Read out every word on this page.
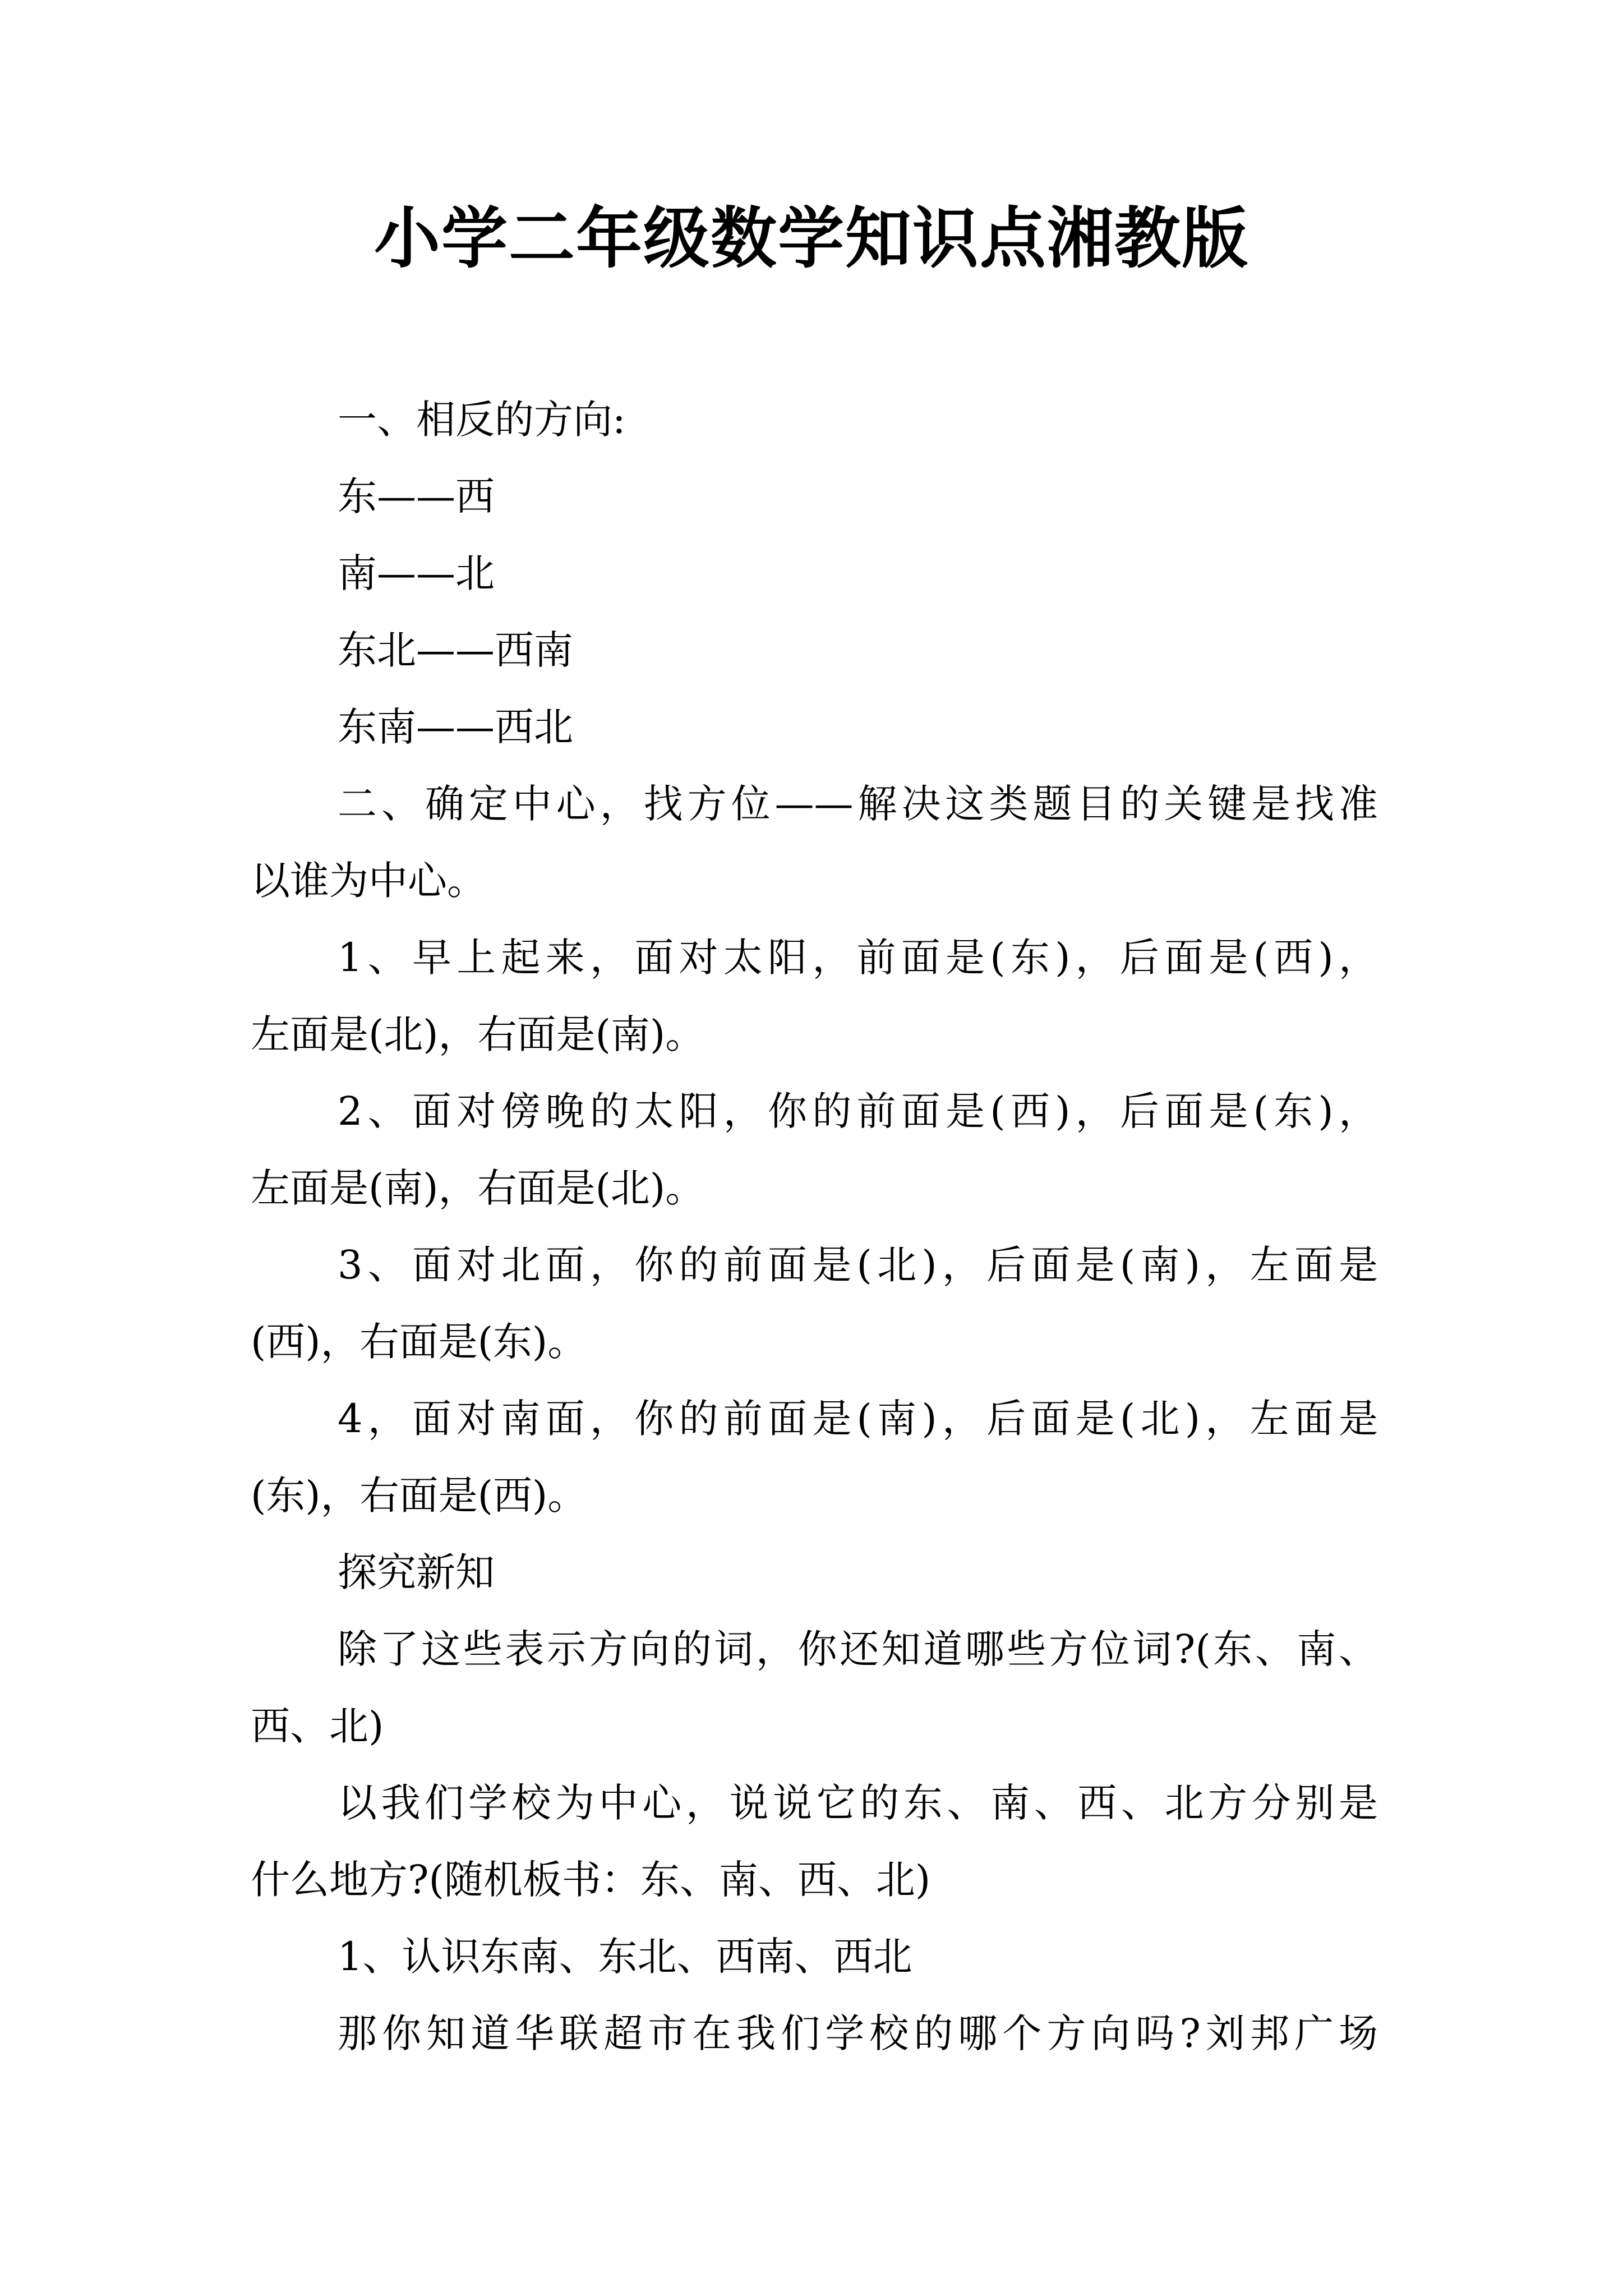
小学二年级数学知识点湘教版
一、相反的方向:
东——西
南——北
东北——西南
东南——西北
二、确定中心，找方位——解决这类题目的关键是找准
以谁为中心。
1、早上起来，面对太阳，前面是(东)，后面是(西)，
左面是(北)，右面是(南)。
2、面对傍晚的太阳，你的前面是(西)，后面是(东)，
左面是(南)，右面是(北)。
3、面对北面，你的前面是(北)，后面是(南)，左面是
(西)，右面是(东)。
4，面对南面，你的前面是(南)，后面是(北)，左面是
(东)，右面是(西)。
探究新知
除了这些表示方向的词，你还知道哪些方位词?(东、南、
西、北)
以我们学校为中心，说说它的东、南、西、北方分别是
什么地方?(随机板书：东、南、西、北)
1、认识东南、东北、西南、西北
那你知道华联超市在我们学校的哪个方向吗?刘邦广场
